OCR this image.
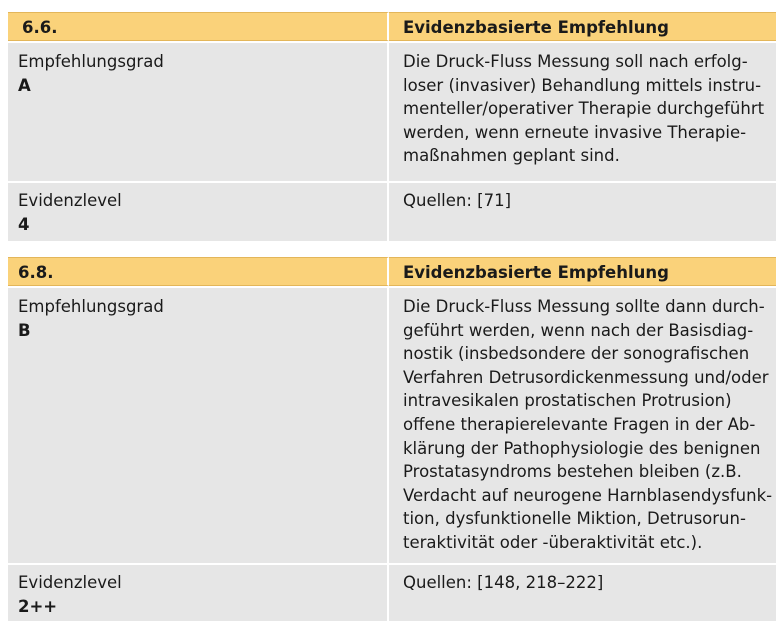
6.6.	Evidenzbasierte Empfehlung
Empfehlungsgrad
A
Die Druck-Fluss Messung soll nach erfolg-
loser (invasiver) Behandlung mittels instru-
menteller/operativer Therapie durchgeführt
werden, wenn erneute invasive Therapie-
maßnahmen geplant sind.
Evidenzlevel
4
Quellen: [71]
6.8.	Evidenzbasierte Empfehlung
Empfehlungsgrad
B
Die Druck-Fluss Messung sollte dann durch-
geführt werden, wenn nach der Basisdiag-
nostik (insbedsondere der sonografischen
Verfahren Detrusordickenmessung und/oder
intravesikalen prostatischen Protrusion)
offene therapierelevante Fragen in der Ab-
klärung der Pathophysiologie des benignen
Prostatasyndroms bestehen bleiben (z.B.
Verdacht auf neurogene Harnblasendysfunk-
tion, dysfunktionelle Miktion, Detrusorun-
teraktivität oder -überaktivität etc.).
Evidenzlevel
2++
Quellen: [148, 218–222]
